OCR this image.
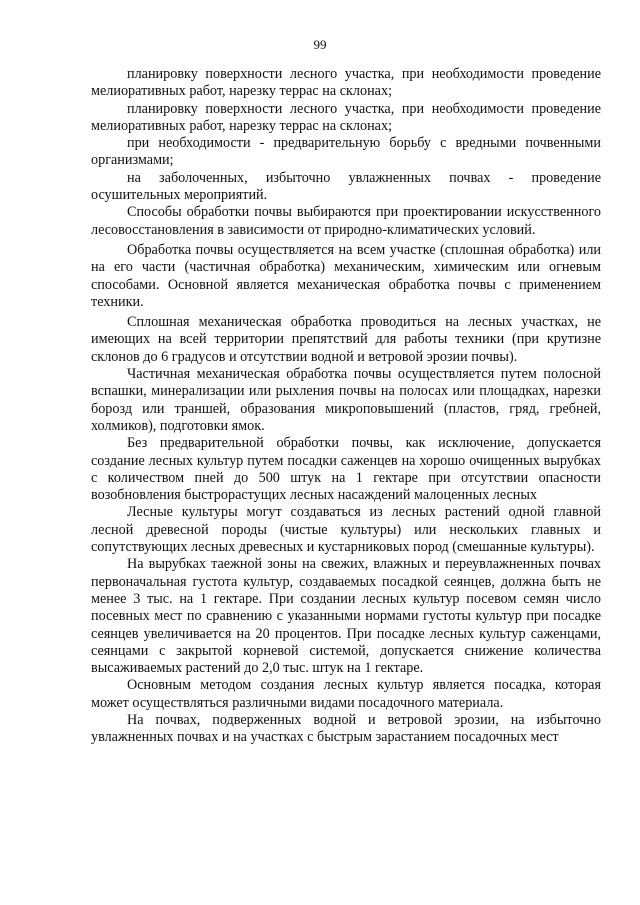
99

планировку поверхности лесного участка, при необходимости проведение мелиоративных работ, нарезку террас на склонах;

планировку поверхности лесного участка, при необходимости проведение мелиоративных работ, нарезку террас на склонах;

при необходимости - предварительную борьбу с вредными почвенными организмами;

на заболоченных, избыточно увлажненных почвах - проведение осушительных мероприятий.

Способы обработки почвы выбираются при проектировании искусственного лесовосстановления в зависимости от природно-климатических условий.

Обработка почвы осуществляется на всем участке (сплошная обработка) или на его части (частичная обработка) механическим, химическим или огневым способами. Основной является механическая обработка почвы с применением техники.

Сплошная механическая обработка проводиться на лесных участках, не имеющих на всей территории препятствий для работы техники (при крутизне склонов до 6 градусов и отсутствии водной и ветровой эрозии почвы).

Частичная механическая обработка почвы осуществляется путем полосной вспашки, минерализации или рыхления почвы на полосах или площадках, нарезки борозд или траншей, образования микроповышений (пластов, гряд, гребней, холмиков), подготовки ямок.

Без предварительной обработки почвы, как исключение, допускается создание лесных культур путем посадки саженцев на хорошо очищенных вырубках с количеством пней до 500 штук на 1 гектаре при отсутствии опасности возобновления быстрорастущих лесных насаждений малоценных лесных

Лесные культуры могут создаваться из лесных растений одной главной лесной древесной породы (чистые культуры) или нескольких главных и сопутствующих лесных древесных и кустарниковых пород (смешанные культуры).

На вырубках таежной зоны на свежих, влажных и переувлажненных почвах первоначальная густота культур, создаваемых посадкой сеянцев, должна быть не менее 3 тыс. на 1 гектаре. При создании лесных культур посевом семян число посевных мест по сравнению с указанными нормами густоты культур при посадке сеянцев увеличивается на 20 процентов. При посадке лесных культур саженцами, сеянцами с закрытой корневой системой, допускается снижение количества высаживаемых растений до 2,0 тыс. штук на 1 гектаре.

Основным методом создания лесных культур является посадка, которая может осуществляться различными видами посадочного материала.

На почвах, подверженных водной и ветровой эрозии, на избыточно увлажненных почвах и на участках с быстрым зарастанием посадочных мест
